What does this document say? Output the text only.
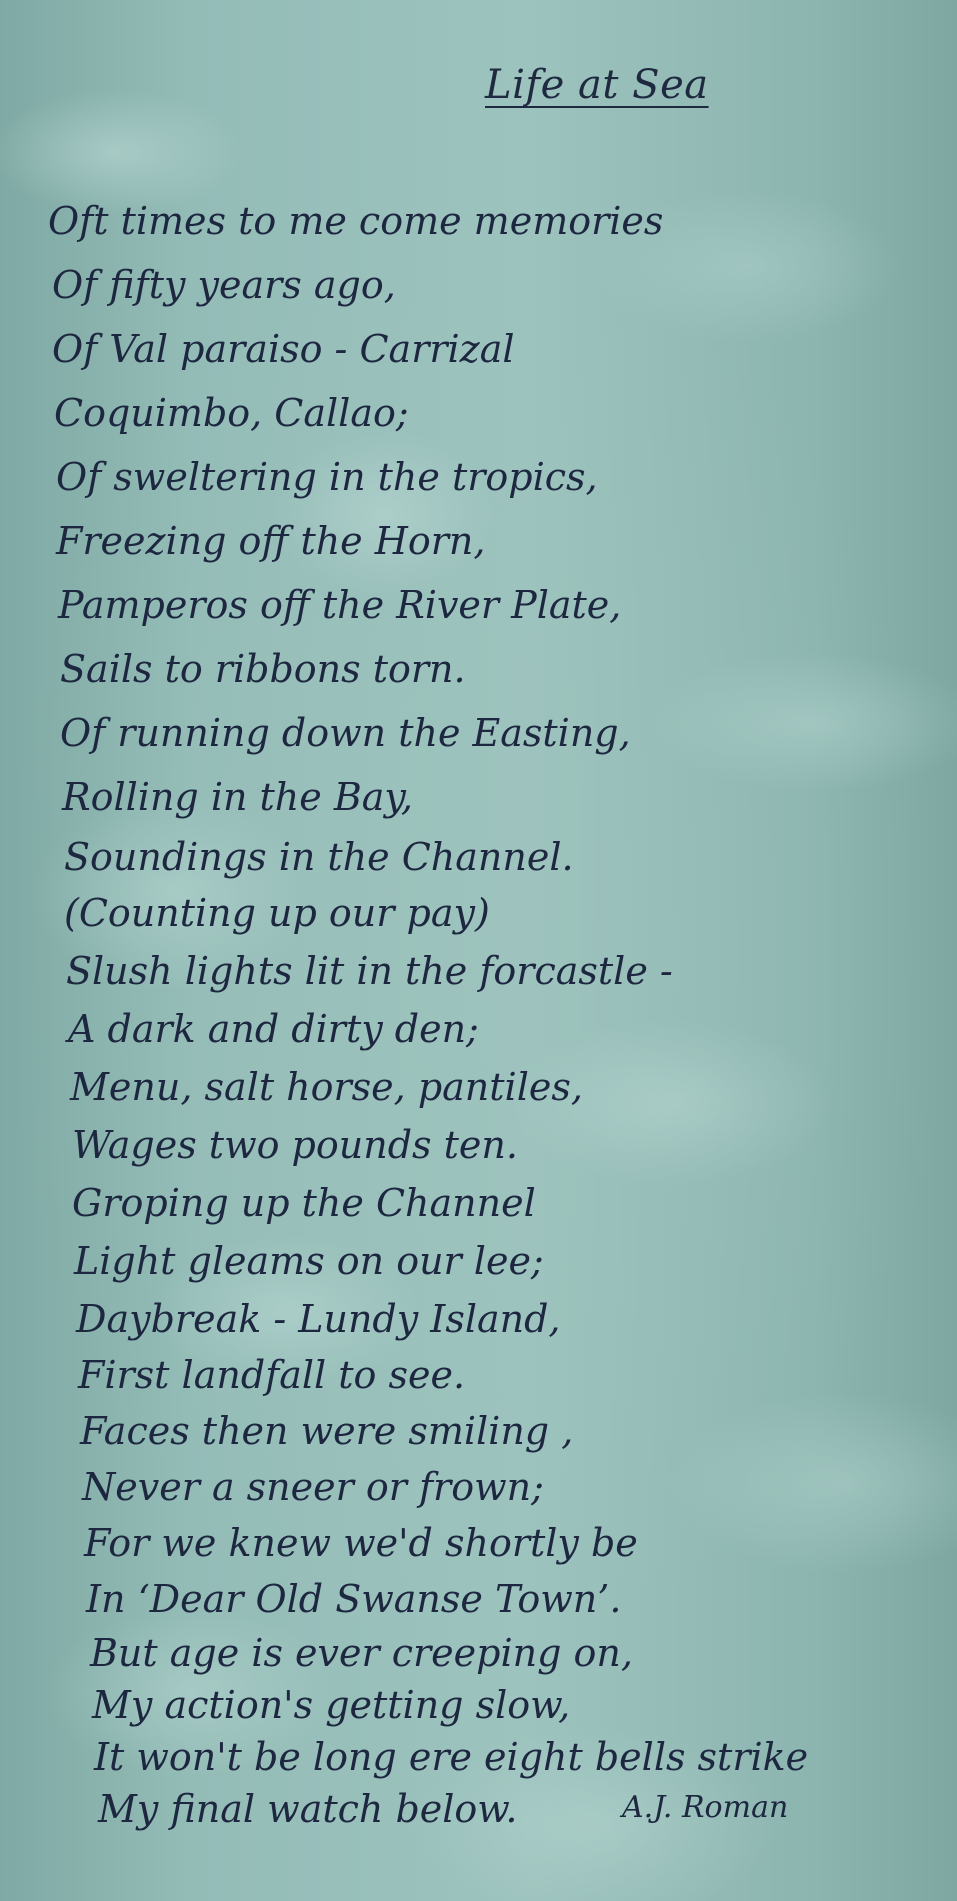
Life at Sea
Oft times to me come memories
Of fifty years ago,
Of Val paraiso - Carrizal
Coquimbo, Callao;
Of sweltering in the tropics,
Freezing off the Horn,
Pamperos off the River Plate,
Sails to ribbons torn.
Of running down the Easting,
Rolling in the Bay,
Soundings in the Channel.
(Counting up our pay)
Slush lights lit in the forcastle -
A dark and dirty den;
Menu, salt horse, pantiles,
Wages two pounds ten.
Groping up the Channel
Light gleams on our lee;
Daybreak - Lundy Island,
First landfall to see.
Faces then were smiling ,
Never a sneer or frown;
For we knew we'd shortly be
In ‘Dear Old Swanse Town’.
But age is ever creeping on,
My action's getting slow,
It won't be long ere eight bells strike
My final watch below.	A.J. Roman
